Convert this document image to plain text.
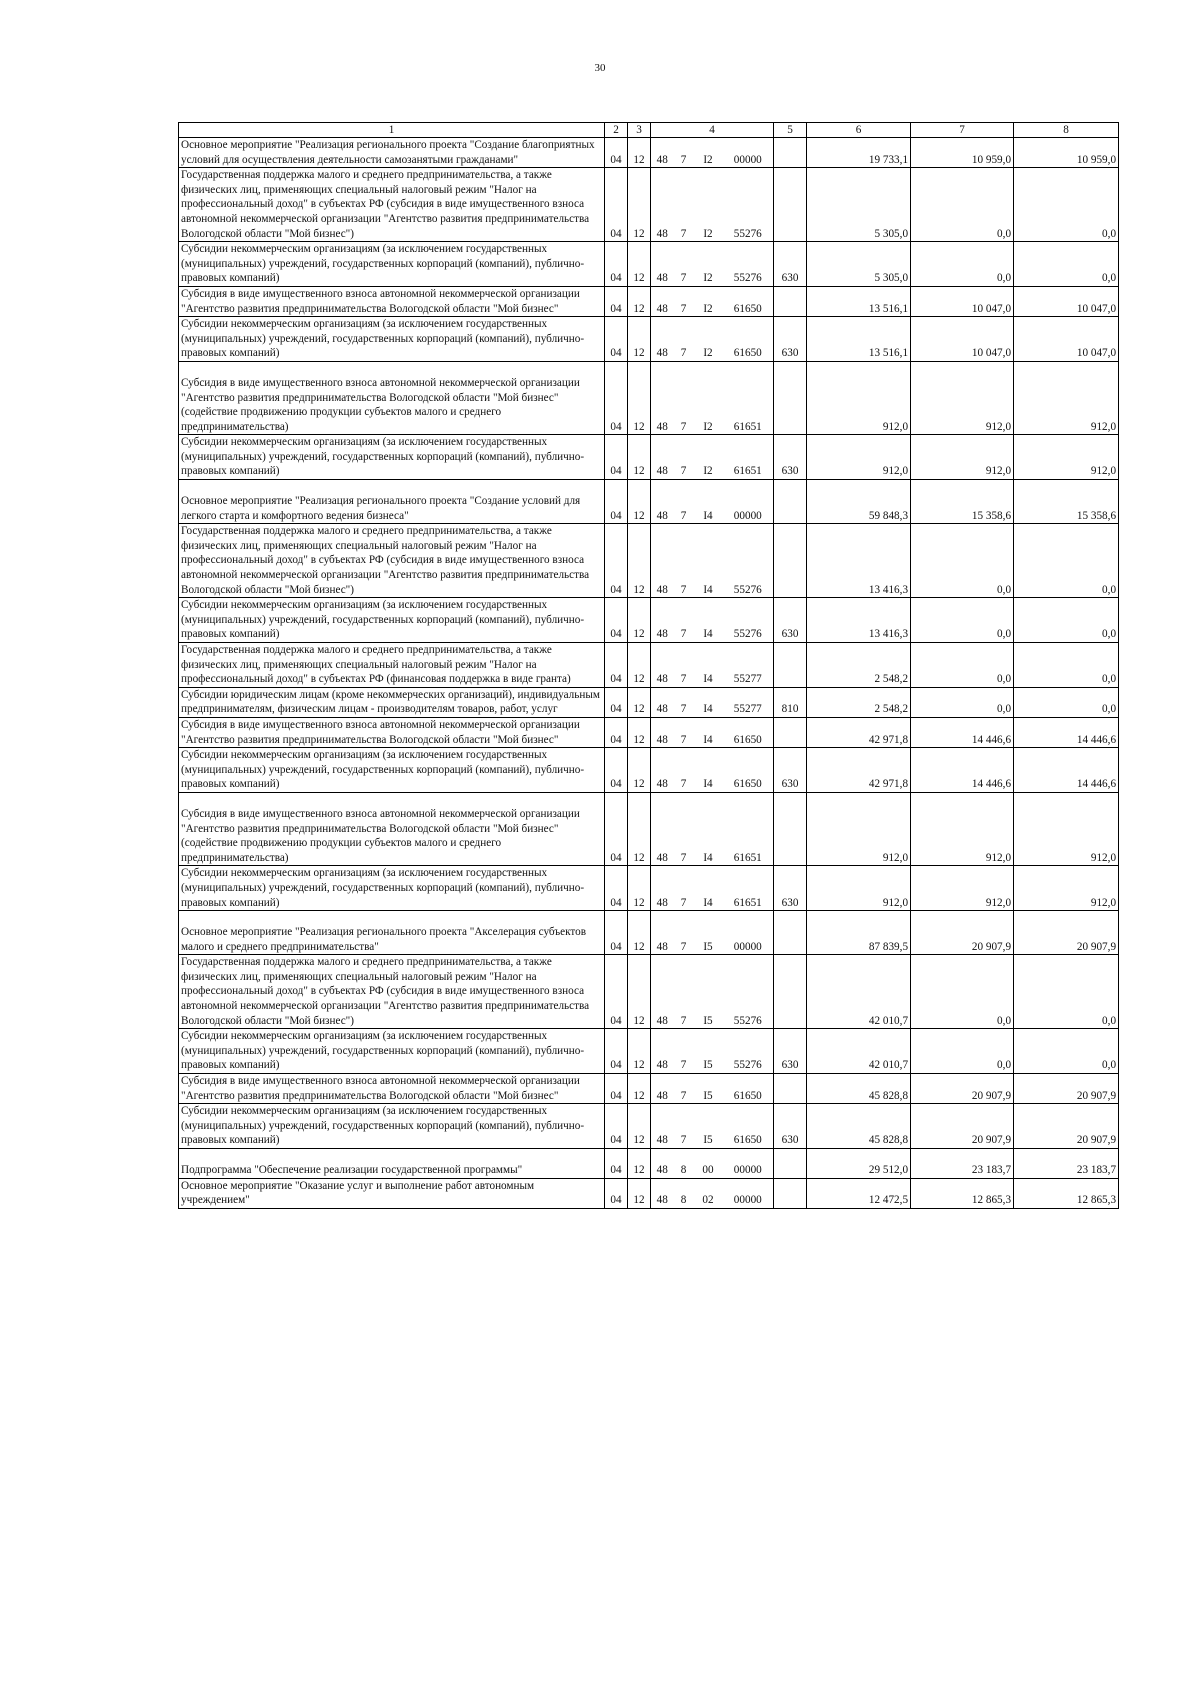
30
1	2	3	4				5	6	7	8

Основное мероприятие "Реализация регионального проекта "Создание благоприятных условий для осуществления деятельности самозанятыми гражданами"	04	12	48	7	I2	00000		19 733,1	10 959,0	10 959,0

Государственная поддержка малого и среднего предпринимательства, а также физических лиц, применяющих специальный налоговый режим "Налог на профессиональный доход" в субъектах РФ (субсидия в виде имущественного взноса автономной некоммерческой организации "Агентство развития предпринимательства Вологодской области "Мой бизнес")	04	12	48	7	I2	55276		5 305,0	0,0	0,0

Субсидии некоммерческим организациям (за исключением государственных (муниципальных) учреждений, государственных корпораций (компаний), публично-правовых компаний)	04	12	48	7	I2	55276	630	5 305,0	0,0	0,0

Субсидия в виде имущественного взноса автономной некоммерческой организации "Агентство развития предпринимательства Вологодской области "Мой бизнес"	04	12	48	7	I2	61650		13 516,1	10 047,0	10 047,0

Субсидии некоммерческим организациям (за исключением государственных (муниципальных) учреждений, государственных корпораций (компаний), публично-правовых компаний)	04	12	48	7	I2	61650	630	13 516,1	10 047,0	10 047,0

Субсидия в виде имущественного взноса автономной некоммерческой организации "Агентство развития предпринимательства Вологодской области "Мой бизнес" (содействие продвижению продукции субъектов малого и среднего предпринимательства)	04	12	48	7	I2	61651		912,0	912,0	912,0

Субсидии некоммерческим организациям (за исключением государственных (муниципальных) учреждений, государственных корпораций (компаний), публично-правовых компаний)	04	12	48	7	I2	61651	630	912,0	912,0	912,0

Основное мероприятие "Реализация регионального проекта "Создание условий для легкого старта и комфортного ведения бизнеса"	04	12	48	7	I4	00000		59 848,3	15 358,6	15 358,6

Государственная поддержка малого и среднего предпринимательства, а также физических лиц, применяющих специальный налоговый режим "Налог на профессиональный доход" в субъектах РФ (субсидия в виде имущественного взноса автономной некоммерческой организации "Агентство развития предпринимательства Вологодской области "Мой бизнес")	04	12	48	7	I4	55276		13 416,3	0,0	0,0

Субсидии некоммерческим организациям (за исключением государственных (муниципальных) учреждений, государственных корпораций (компаний), публично-правовых компаний)	04	12	48	7	I4	55276	630	13 416,3	0,0	0,0

Государственная поддержка малого и среднего предпринимательства, а также физических лиц, применяющих специальный налоговый режим "Налог на профессиональный доход" в субъектах РФ (финансовая поддержка в виде гранта)	04	12	48	7	I4	55277		2 548,2	0,0	0,0

Субсидии юридическим лицам (кроме некоммерческих организаций), индивидуальным предпринимателям, физическим лицам - производителям товаров, работ, услуг	04	12	48	7	I4	55277	810	2 548,2	0,0	0,0

Субсидия в виде имущественного взноса автономной некоммерческой организации "Агентство развития предпринимательства Вологодской области "Мой бизнес"	04	12	48	7	I4	61650		42 971,8	14 446,6	14 446,6

Субсидии некоммерческим организациям (за исключением государственных (муниципальных) учреждений, государственных корпораций (компаний), публично-правовых компаний)	04	12	48	7	I4	61650	630	42 971,8	14 446,6	14 446,6

Субсидия в виде имущественного взноса автономной некоммерческой организации "Агентство развития предпринимательства Вологодской области "Мой бизнес" (содействие продвижению продукции субъектов малого и среднего предпринимательства)	04	12	48	7	I4	61651		912,0	912,0	912,0

Субсидии некоммерческим организациям (за исключением государственных (муниципальных) учреждений, государственных корпораций (компаний), публично-правовых компаний)	04	12	48	7	I4	61651	630	912,0	912,0	912,0

Основное мероприятие "Реализация регионального проекта "Акселерация субъектов малого и среднего предпринимательства"	04	12	48	7	I5	00000		87 839,5	20 907,9	20 907,9

Государственная поддержка малого и среднего предпринимательства, а также физических лиц, применяющих специальный налоговый режим "Налог на профессиональный доход" в субъектах РФ (субсидия в виде имущественного взноса автономной некоммерческой организации "Агентство развития предпринимательства Вологодской области "Мой бизнес")	04	12	48	7	I5	55276		42 010,7	0,0	0,0

Субсидии некоммерческим организациям (за исключением государственных (муниципальных) учреждений, государственных корпораций (компаний), публично-правовых компаний)	04	12	48	7	I5	55276	630	42 010,7	0,0	0,0

Субсидия в виде имущественного взноса автономной некоммерческой организации "Агентство развития предпринимательства Вологодской области "Мой бизнес"	04	12	48	7	I5	61650		45 828,8	20 907,9	20 907,9

Субсидии некоммерческим организациям (за исключением государственных (муниципальных) учреждений, государственных корпораций (компаний), публично-правовых компаний)	04	12	48	7	I5	61650	630	45 828,8	20 907,9	20 907,9

Подпрограмма "Обеспечение реализации государственной программы"	04	12	48	8	00	00000		29 512,0	23 183,7	23 183,7

Основное мероприятие "Оказание услуг и выполнение работ автономным учреждением"	04	12	48	8	02	00000		12 472,5	12 865,3	12 865,3
